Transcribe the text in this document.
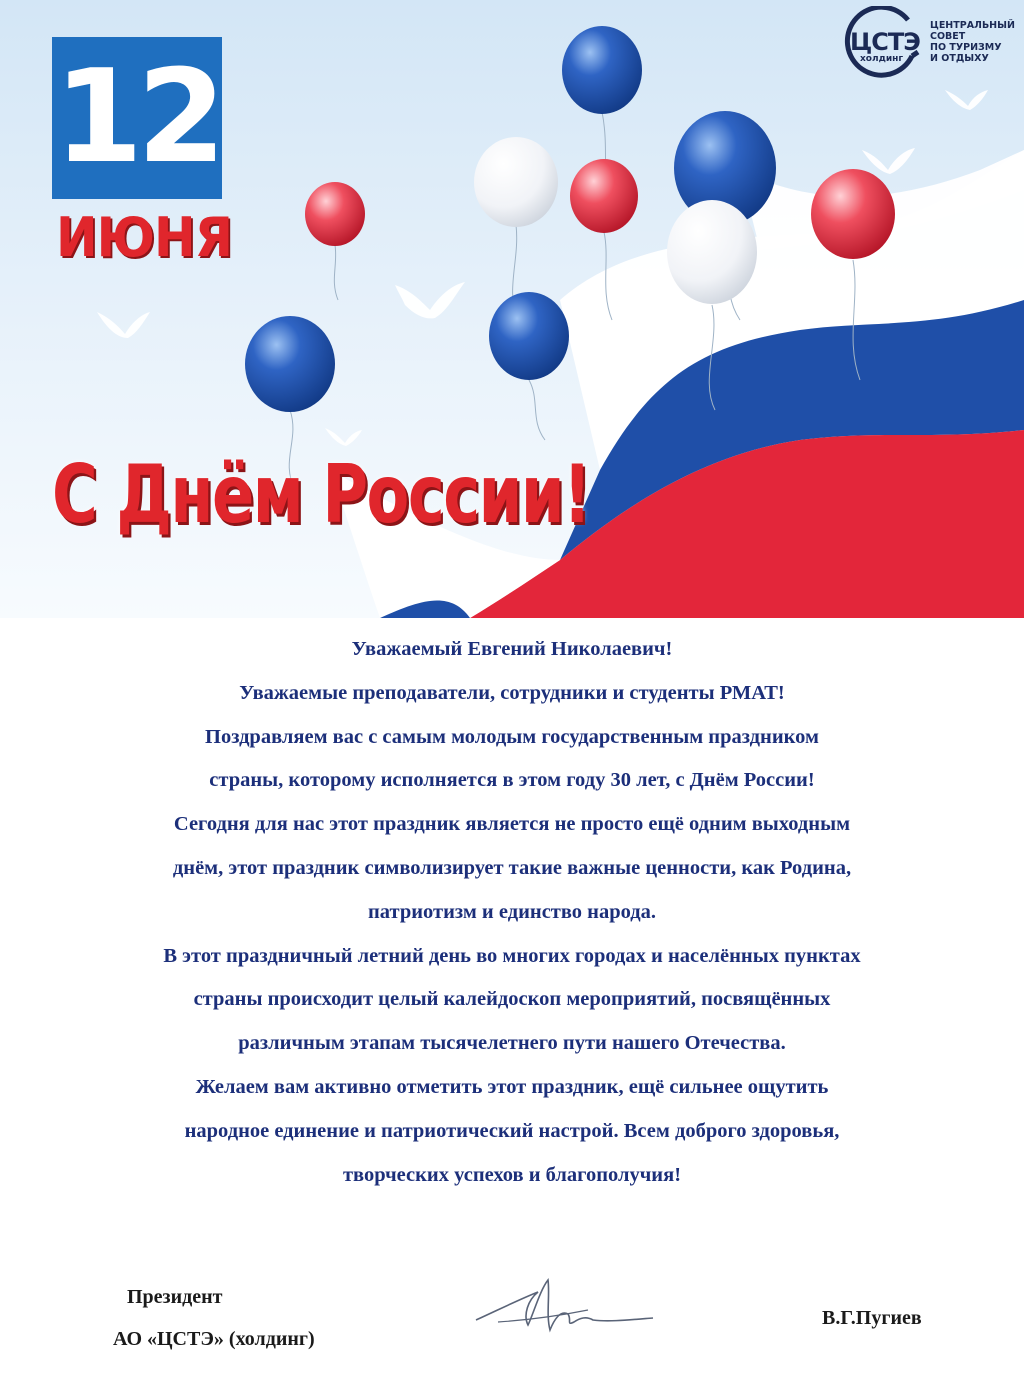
12
ИЮНЯ
С Днём России!
ЦСТЭ
холдинг
ЦЕНТРАЛЬНЫЙ
СОВЕТ
ПО ТУРИЗМУ
И ОТДЫХУ

Уважаемый Евгений Николаевич!

Уважаемые преподаватели, сотрудники и студенты РМАТ!

Поздравляем вас с самым молодым государственным праздником

страны, которому исполняется в этом году 30 лет, с Днём России!

Сегодня для нас этот праздник является не просто ещё одним выходным

днём, этот праздник символизирует такие важные ценности, как Родина,

патриотизм и единство народа.

В этот праздничный летний день во многих городах и населённых пунктах

страны происходит целый калейдоскоп мероприятий, посвящённых

различным этапам тысячелетнего пути нашего Отечества.

Желаем вам активно отметить этот праздник, ещё сильнее ощутить

народное единение и патриотический настрой. Всем доброго здоровья,

творческих успехов и благополучия!

Президент
АО «ЦСТЭ» (холдинг)
В.Г.Пугиев
